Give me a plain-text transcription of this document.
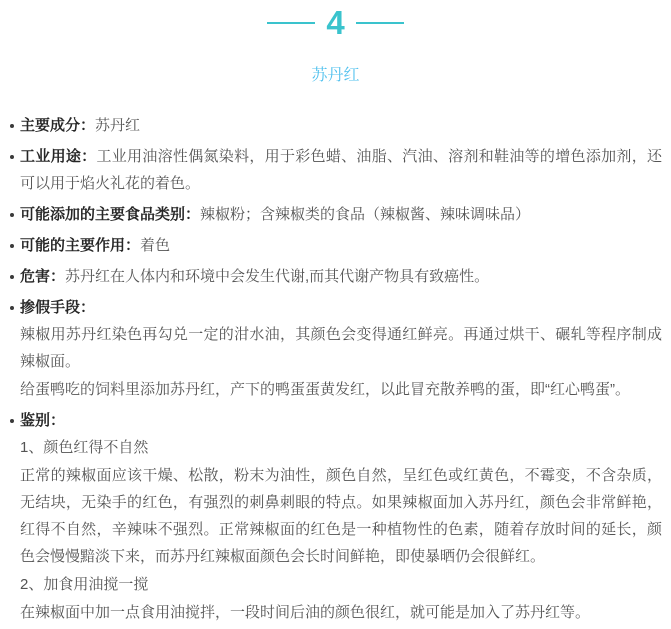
4
苏丹红
主要成分：苏丹红
工业用途：工业用油溶性偶氮染料，用于彩色蜡、油脂、汽油、溶剂和鞋油等的增色添加剂，还可以用于焰火礼花的着色。
可能添加的主要食品类别：辣椒粉；含辣椒类的食品（辣椒酱、辣味调味品）
可能的主要作用：着色
危害：苏丹红在人体内和环境中会发生代谢,而其代谢产物具有致癌性。
掺假手段：

辣椒用苏丹红染色再勾兑一定的泔水油，其颜色会变得通红鲜亮。再通过烘干、碾轧等程序制成辣椒面。

给蛋鸭吃的饲料里添加苏丹红，产下的鸭蛋蛋黄发红，以此冒充散养鸭的蛋，即“红心鸭蛋”。

鉴别：

1、颜色红得不自然

正常的辣椒面应该干燥、松散，粉末为油性，颜色自然，呈红色或红黄色，不霉变，不含杂质，无结块，无染手的红色，有强烈的刺鼻刺眼的特点。如果辣椒面加入苏丹红，颜色会非常鲜艳，红得不自然，辛辣味不强烈。正常辣椒面的红色是一种植物性的色素，随着存放时间的延长，颜色会慢慢黯淡下来，而苏丹红辣椒面颜色会长时间鲜艳，即使暴晒仍会很鲜红。

2、加食用油搅一搅

在辣椒面中加一点食用油搅拌，一段时间后油的颜色很红，就可能是加入了苏丹红等。
